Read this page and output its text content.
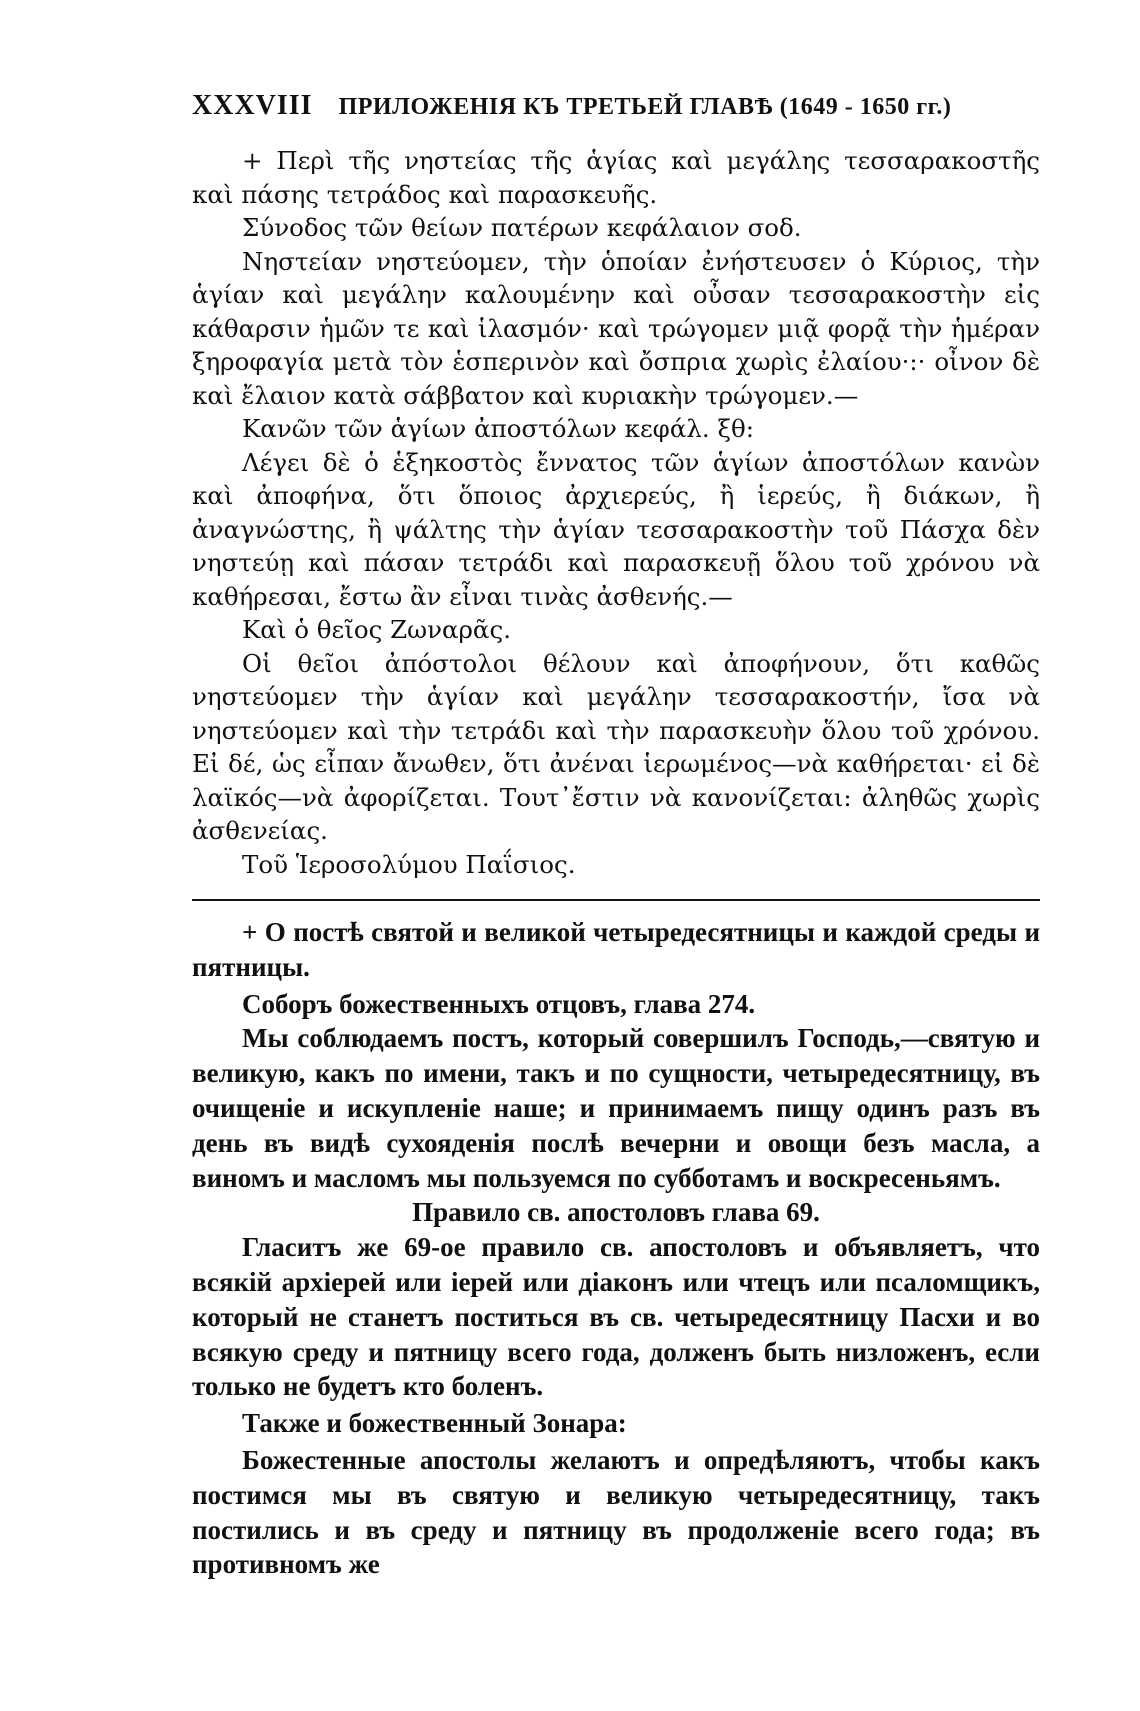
XXXVIII ПРИЛОЖЕНІЯ КЪ ТРЕТЬЕЙ ГЛАВѢ (1649 - 1650 гг.)

+ Περὶ τῆς νηστείας τῆς ἁγίας καὶ μεγάλης τεσσαρακοστῆς καὶ πάσης τετράδος καὶ παρασκευῆς.

Σύνοδος τῶν θείων πατέρων κεφάλαιον σοδ.

Νηστείαν νηστεύομεν, τὴν ὁποίαν ἐνήστευσεν ὁ Κύριος, τὴν ἁγίαν καὶ μεγάλην καλουμένην καὶ οὖσαν τεσσαρακοστὴν εἰς κάθαρσιν ἡμῶν τε καὶ ἱλασμόν· καὶ τρώγομεν μιᾷ φορᾷ τὴν ἡμέραν ξηροφαγία μετὰ τὸν ἑσπερινὸν καὶ ὄσπρια χωρὶς ἐλαίου·:· οἶνον δὲ καὶ ἔλαιον κατὰ σάββατον καὶ κυριακὴν τρώγομεν.—

Κανῶν τῶν ἁγίων ἀποστόλων κεφάλ. ξθ:

Λέγει δὲ ὁ ἑξηκοστὸς ἔννατος τῶν ἁγίων ἀποστόλων κανὼν καὶ ἀποφήνα, ὅτι ὅποιος ἀρχιερεύς, ἢ ἱερεύς, ἢ διάκων, ἢ ἀναγνώστης, ἢ ψάλτης τὴν ἁγίαν τεσσαρακοστὴν τοῦ Πάσχα δὲν νηστεύῃ καὶ πάσαν τετράδι καὶ παρασκευῇ ὅλου τοῦ χρόνου νὰ καθήρεσαι, ἔστω ἂν εἶναι τινὰς ἀσθενής.—

Καὶ ὁ θεῖος Ζωναρᾶς.

Οἱ θεῖοι ἀπόστολοι θέλουν καὶ ἀποφήνουν, ὅτι καθῶς νηστεύομεν τὴν ἁγίαν καὶ μεγάλην τεσσαρακοστήν, ἴσα νὰ νηστεύομεν καὶ τὴν τετράδι καὶ τὴν παρασκευὴν ὅλου τοῦ χρόνου. Εἰ δέ, ὡς εἶπαν ἄνωθεν, ὅτι ἀνέναι ἱερωμένος—νὰ καθήρεται· εἰ δὲ λαϊκός—νὰ ἀφορίζεται. Τουτ᾽ἔστιν νὰ κανονίζεται: ἀληθῶς χωρὶς ἀσθενείας.

Τοῦ Ἱεροσολύμου Παΐσιος.

+ О постѣ святой и великой четыредесятницы и каждой среды и пятницы.

Соборъ божественныхъ отцовъ, глава 274.

Мы соблюдаемъ постъ, который совершилъ Господь,—святую и великую, какъ по имени, такъ и по сущности, четыредесятницу, въ очищеніе и искупленіе наше; и принимаемъ пищу одинъ разъ въ день въ видѣ сухояденія послѣ вечерни и овощи безъ масла, а виномъ и масломъ мы пользуемся по субботамъ и воскресеньямъ.

Правило св. апостоловъ глава 69.

Гласитъ же 69-ое правило св. апостоловъ и объявляетъ, что всякій архіерей или іерей или діаконъ или чтецъ или псаломщикъ, который не станетъ поститься въ св. четыредесятницу Пасхи и во всякую среду и пятницу всего года, долженъ быть низложенъ, если только не будетъ кто боленъ.

Также и божественный Зонара:

Божестенные апостолы желаютъ и опредѣляютъ, чтобы какъ постимся мы въ святую и великую четыредесятницу, такъ постились и въ среду и пятницу въ продолженіе всего года; въ противномъ же
